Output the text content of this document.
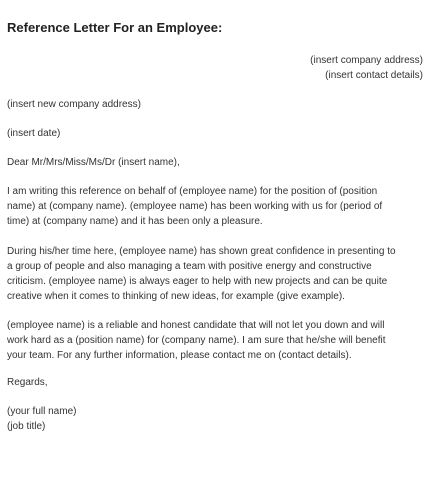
Reference Letter For an Employee:

(insert company address)

(insert contact details)

(insert new company address)

(insert date)

Dear Mr/Mrs/Miss/Ms/Dr (insert name),

I am writing this reference on behalf of (employee name) for the position of (position
name) at (company name). (employee name) has been working with us for (period of
time) at (company name) and it has been only a pleasure.
During his/her time here, (employee name) has shown great confidence in presenting to
a group of people and also managing a team with positive energy and constructive
criticism. (employee name) is always eager to help with new projects and can be quite
creative when it comes to thinking of new ideas, for example (give example).
(employee name) is a reliable and honest candidate that will not let you down and will
work hard as a (position name) for (company name). I am sure that he/she will benefit
your team. For any further information, please contact me on (contact details).

Regards,

(your full name)
(job title)
